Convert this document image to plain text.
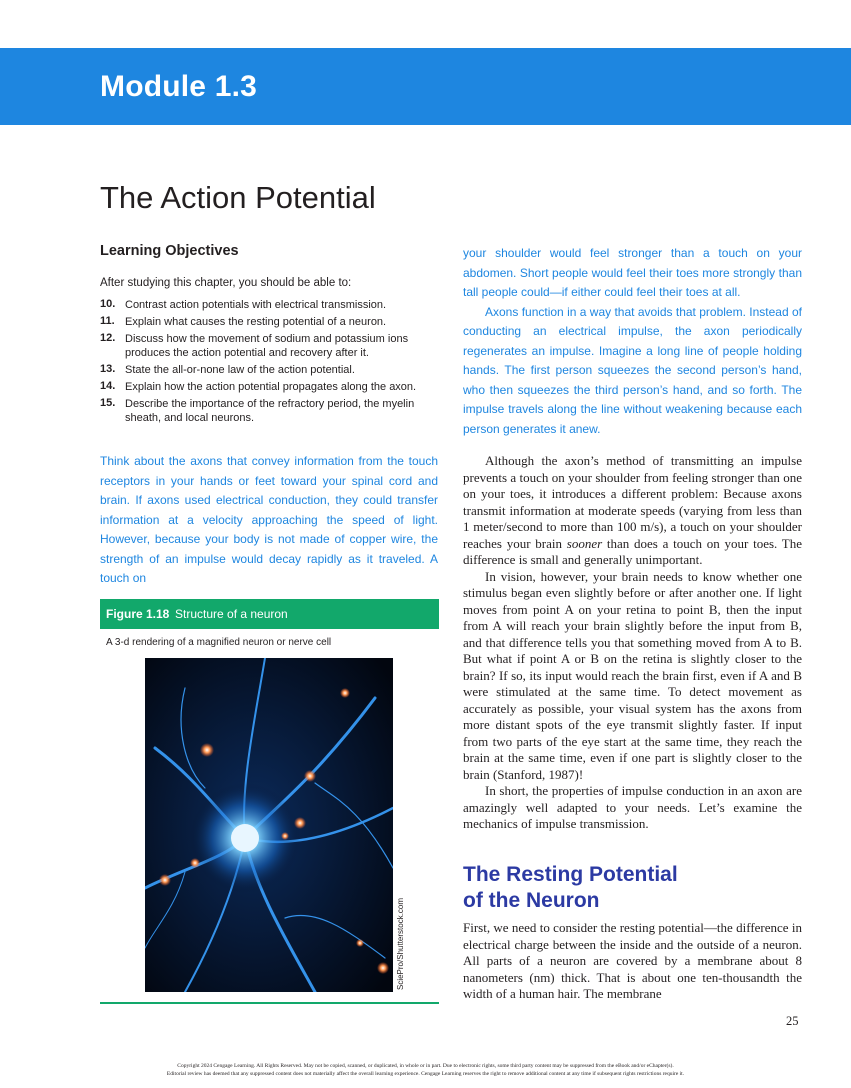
Module 1.3
The Action Potential
Learning Objectives
After studying this chapter, you should be able to:
10. Contrast action potentials with electrical transmission.
11. Explain what causes the resting potential of a neuron.
12. Discuss how the movement of sodium and potassium ions produces the action potential and recovery after it.
13. State the all-or-none law of the action potential.
14. Explain how the action potential propagates along the axon.
15. Describe the importance of the refractory period, the myelin sheath, and local neurons.

Think about the axons that convey information from the touch receptors in your hands or feet toward your spinal cord and brain. If axons used electrical conduction, they could transfer information at a velocity approaching the speed of light. However, because your body is not made of copper wire, the strength of an impulse would decay rapidly as it traveled. A touch on

Figure 1.18 Structure of a neuron
A 3-d rendering of a magnified neuron or nerve cell
SciePro/Shutterstock.com

your shoulder would feel stronger than a touch on your abdomen. Short people would feel their toes more strongly than tall people could—if either could feel their toes at all.

Axons function in a way that avoids that problem. Instead of conducting an electrical impulse, the axon periodically regenerates an impulse. Imagine a long line of people holding hands. The first person squeezes the second person’s hand, who then squeezes the third person’s hand, and so forth. The impulse travels along the line without weakening because each person generates it anew.

Although the axon’s method of transmitting an impulse prevents a touch on your shoulder from feeling stronger than one on your toes, it introduces a different problem: Because axons transmit information at moderate speeds (varying from less than 1 meter/second to more than 100 m/s), a touch on your shoulder reaches your brain sooner than does a touch on your toes. The difference is small and generally unimportant.

In vision, however, your brain needs to know whether one stimulus began even slightly before or after another one. If light moves from point A on your retina to point B, then the input from A will reach your brain slightly before the input from B, and that difference tells you that something moved from A to B. But what if point A or B on the retina is slightly closer to the brain? If so, its input would reach the brain first, even if A and B were stimulated at the same time. To detect movement as accurately as possible, your visual system has the axons from more distant spots of the eye transmit slightly faster. If input from two parts of the eye start at the same time, they reach the brain at the same time, even if one part is slightly closer to the brain (Stanford, 1987)!

In short, the properties of impulse conduction in an axon are amazingly well adapted to your needs. Let’s examine the mechanics of impulse transmission.

The Resting Potential
of the Neuron

First, we need to consider the resting potential—the difference in electrical charge between the inside and the outside of a neuron. All parts of a neuron are covered by a membrane about 8 nanometers (nm) thick. That is about one ten-thousandth the width of a human hair. The membrane

25
Copyright 2024 Cengage Learning. All Rights Reserved. May not be copied, scanned, or duplicated, in whole or in part. Due to electronic rights, some third party content may be suppressed from the eBook and/or eChapter(s).
Editorial review has deemed that any suppressed content does not materially affect the overall learning experience. Cengage Learning reserves the right to remove additional content at any time if subsequent rights restrictions require it.
